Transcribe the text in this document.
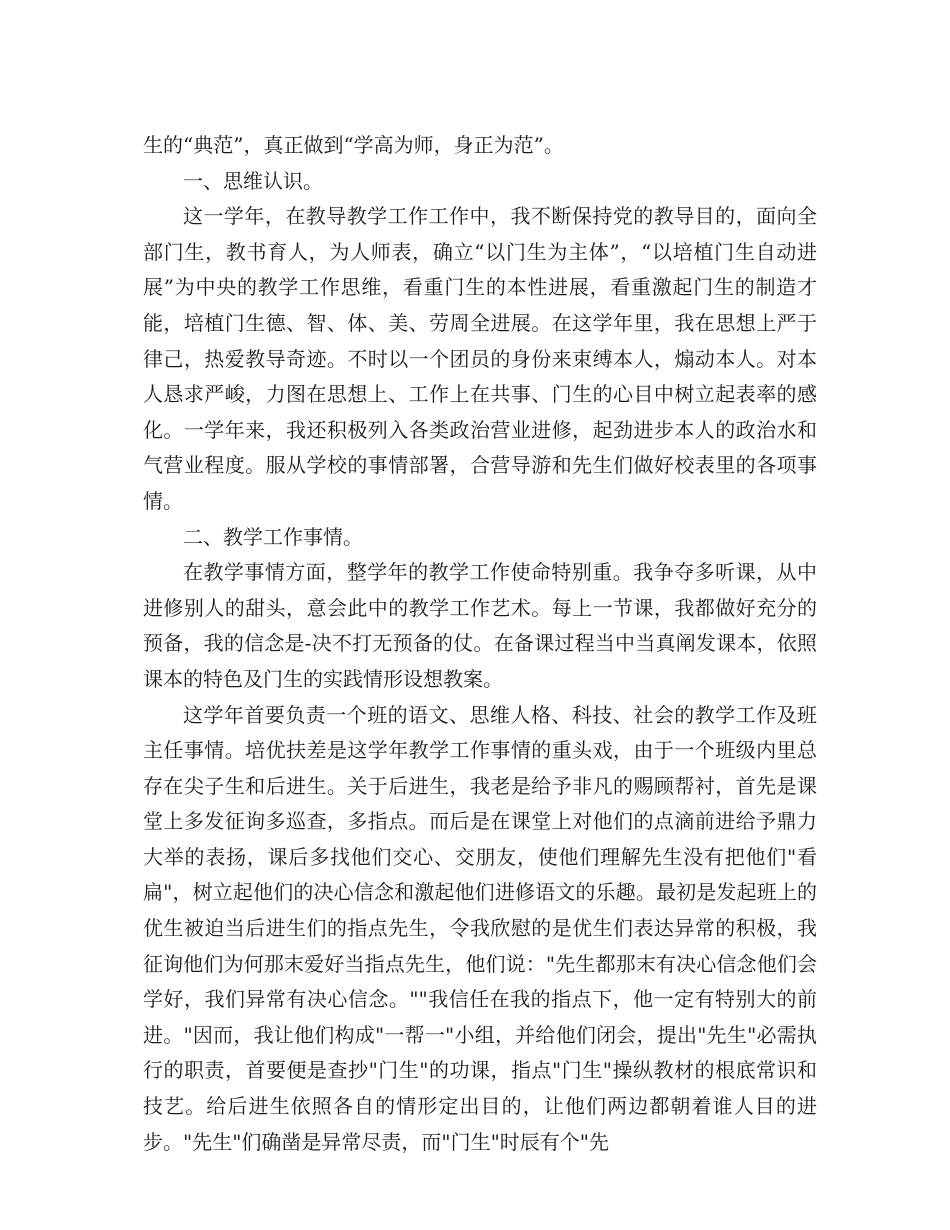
生的“典范”，真正做到“学高为师，身正为范”。

一、思维认识。

这一学年，在教导教学工作工作中，我不断保持党的教导目的，面向全部门生，教书育人，为人师表，确立“以门生为主体”，“以培植门生自动进展”为中央的教学工作思维，看重门生的本性进展，看重激起门生的制造才能，培植门生德、智、体、美、劳周全进展。在这学年里，我在思想上严于律己，热爱教导奇迹。不时以一个团员的身份来束缚本人，煽动本人。对本人恳求严峻，力图在思想上、工作上在共事、门生的心目中树立起表率的感化。一学年来，我还积极列入各类政治营业进修，起劲进步本人的政治水和气营业程度。服从学校的事情部署，合营导游和先生们做好校表里的各项事情。

二、教学工作事情。

在教学事情方面，整学年的教学工作使命特别重。我争夺多听课，从中进修别人的甜头，意会此中的教学工作艺术。每上一节课，我都做好充分的预备，我的信念是-决不打无预备的仗。在备课过程当中当真阐发课本，依照课本的特色及门生的实践情形设想教案。

这学年首要负责一个班的语文、思维人格、科技、社会的教学工作及班主任事情。培优扶差是这学年教学工作事情的重头戏，由于一个班级内里总存在尖子生和后进生。关于后进生，我老是给予非凡的赐顾帮衬，首先是课堂上多发征询多巡查，多指点。而后是在课堂上对他们的点滴前进给予鼎力大举的表扬，课后多找他们交心、交朋友，使他们理解先生没有把他们"看扁"，树立起他们的决心信念和激起他们进修语文的乐趣。最初是发起班上的优生被迫当后进生们的指点先生，令我欣慰的是优生们表达异常的积极，我征询他们为何那末爱好当指点先生，他们说："先生都那末有决心信念他们会学好，我们异常有决心信念。""我信任在我的指点下，他一定有特别大的前进。"因而，我让他们构成"一帮一"小组，并给他们闭会，提出"先生"必需执行的职责，首要便是查抄"门生"的功课，指点"门生"操纵教材的根底常识和技艺。给后进生依照各自的情形定出目的，让他们两边都朝着谁人目的进步。"先生"们确凿是异常尽责，而"门生"时辰有个"先
